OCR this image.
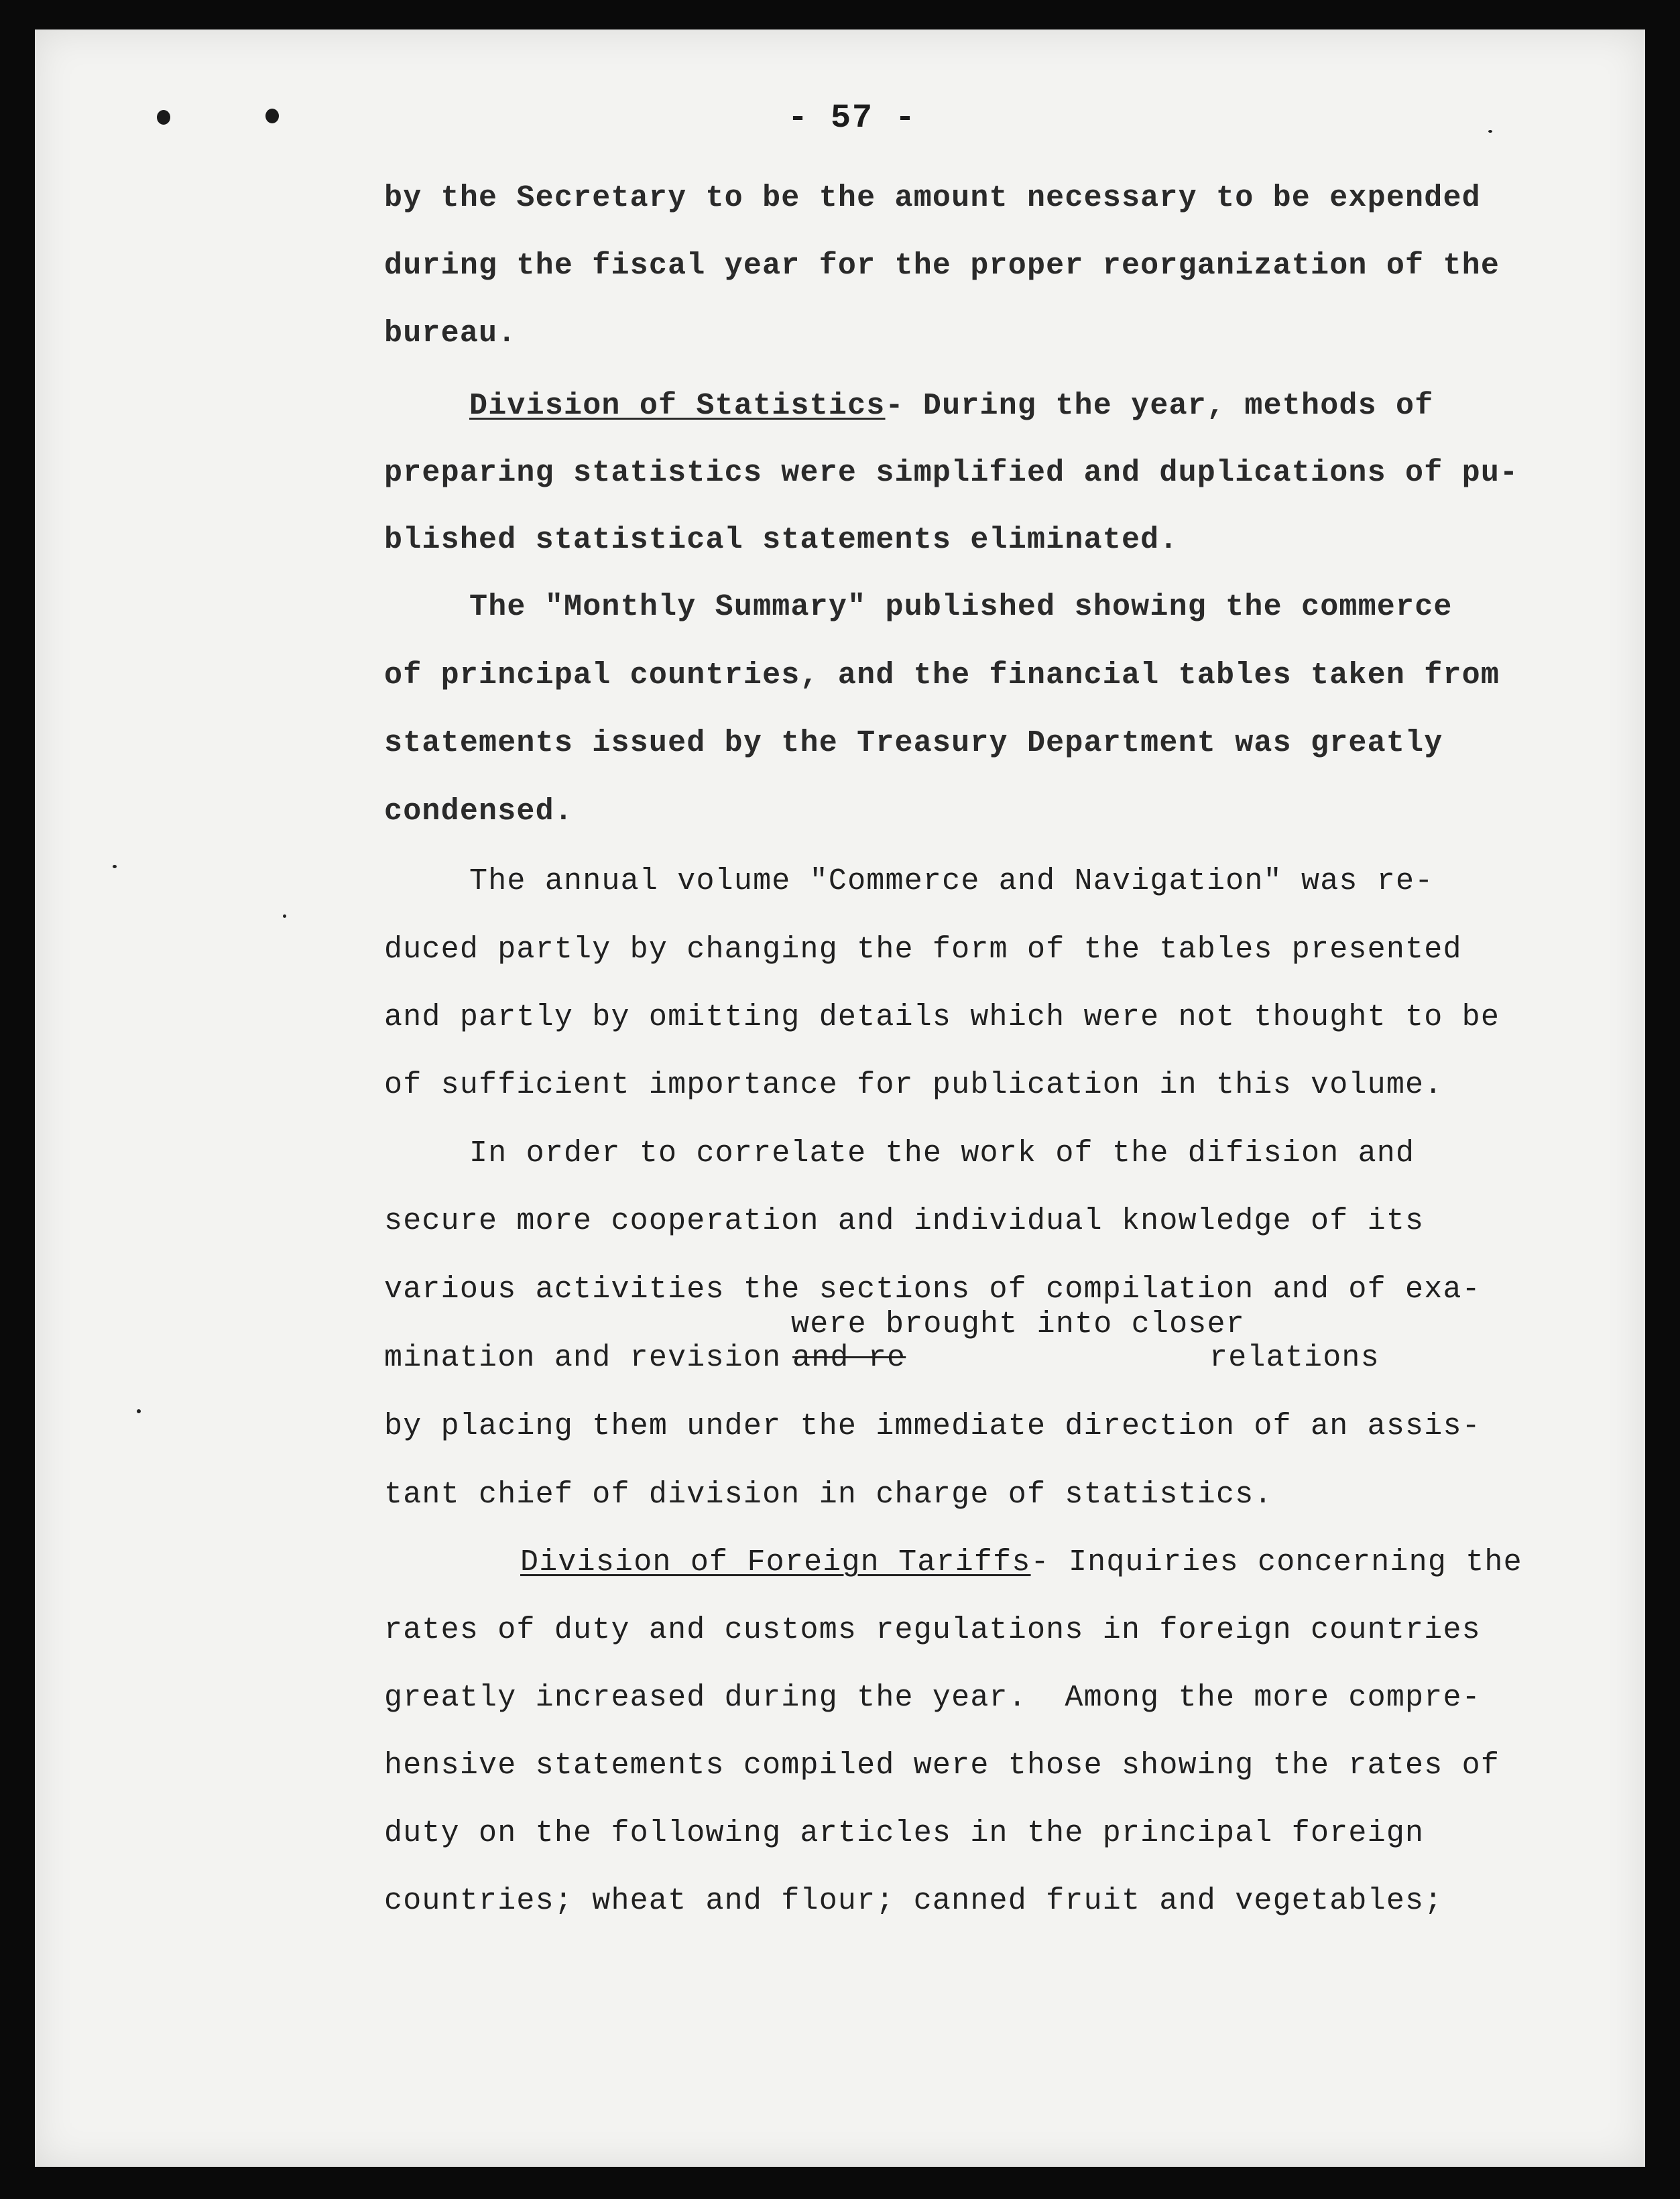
- 57 -
by the Secretary to be the amount necessary to be expended
during the fiscal year for the proper reorganization of the
bureau.
Division of Statistics- During the year, methods of
preparing statistics were simplified and duplications of pu-
blished statistical statements eliminated.
The "Monthly Summary" published showing the commerce
of principal countries, and the financial tables taken from
statements issued by the Treasury Department was greatly
condensed.
The annual volume "Commerce and Navigation" was re-
duced partly by changing the form of the tables presented
and partly by omitting details which were not thought to be
of sufficient importance for publication in this volume.
In order to correlate the work of the difision and
secure more cooperation and individual knowledge of its
various activities the sections of compilation and of exa-
were brought into closer
mination and revision and re	relations
by placing them under the immediate direction of an assis-
tant chief of division in charge of statistics.
Division of Foreign Tariffs- Inquiries concerning the
rates of duty and customs regulations in foreign countries
greatly increased during the year.  Among the more compre-
hensive statements compiled were those showing the rates of
duty on the following articles in the principal foreign
countries; wheat and flour; canned fruit and vegetables;
